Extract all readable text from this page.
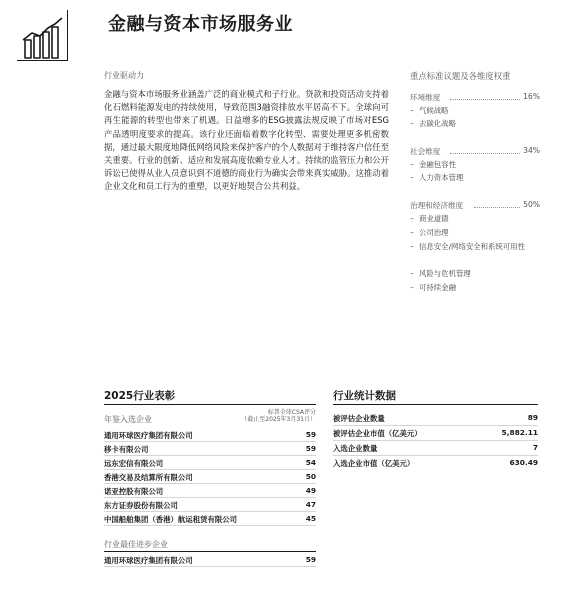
金融与资本市场服务业
行业驱动力
金融与资本市场服务业涵盖广泛的商业模式和子行业。贷款和投资活动支持着化石燃料能源发电的持续使用，导致范围3融资排放水平居高不下。全球向可再生能源的转型也带来了机遇。日益增多的ESG披露法规反映了市场对ESG产品透明度要求的提高。该行业还面临着数字化转型、需要处理更多机密数据，通过最大限度地降低网络风险来保护客户的个人数据对于维持客户信任至关重要。行业的创新、适应和发展高度依赖专业人才。持续的监管压力和公开诉讼已使得从业人员意识到不道德的商业行为确实会带来真实威胁。这推动着企业文化和员工行为的重塑，以更好地契合公共利益。
重点标准议题及各维度权重
环境维度	16%
– 气候战略
– 去碳化战略
社会维度	34%
– 金融包容性
– 人力资本管理
治理和经济维度	50%
– 商业道德
– 公司治理
– 信息安全/网络安全和系统可用性
– 风险与危机管理
– 可持续金融
2025行业表彰
年鉴入选企业
标普全球CSA评分
（截止至2025年3月31日）
通用环球医疗集团有限公司	59
移卡有限公司	59
远东宏信有限公司	54
香港交易及结算所有限公司	50
诺亚控股有限公司	49
东方证券股份有限公司	47
中国船舶集团（香港）航运租赁有限公司	45
行业最佳进步企业
通用环球医疗集团有限公司	59
行业统计数据
被评估企业数量	89
被评估企业市值（亿美元）	5,882.11
入选企业数量	7
入选企业市值（亿美元）	630.49
